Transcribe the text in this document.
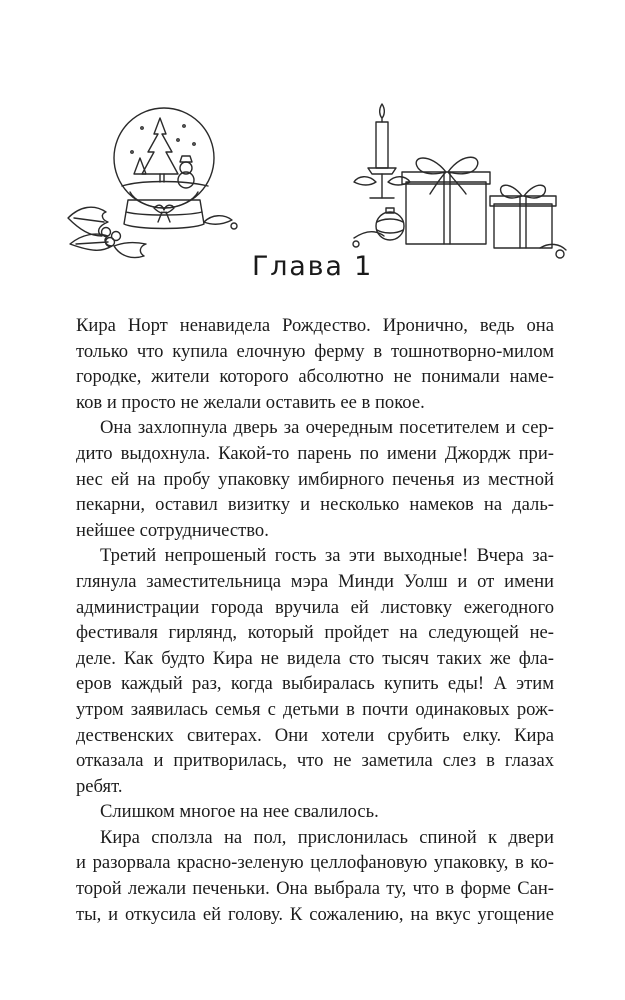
Глава 1
Кира Норт ненавидела Рождество. Иронично, ведь она
только что купила елочную ферму в тошнотворно-милом
городке, жители которого абсолютно не понимали наме-
ков и просто не желали оставить ее в покое.
Она захлопнула дверь за очередным посетителем и сер-
дито выдохнула. Какой-то парень по имени Джордж при-
нес ей на пробу упаковку имбирного печенья из местной
пекарни, оставил визитку и несколько намеков на даль-
нейшее сотрудничество.
Третий непрошеный гость за эти выходные! Вчера за-
глянула заместительница мэра Минди Уолш и от имени
администрации города вручила ей листовку ежегодного
фестиваля гирлянд, который пройдет на следующей не-
деле. Как будто Кира не видела сто тысяч таких же фла-
еров каждый раз, когда выбиралась купить еды! А этим
утром заявилась семья с детьми в почти одинаковых рож-
дественских свитерах. Они хотели срубить елку. Кира
отказала и притворилась, что не заметила слез в глазах
ребят.
Слишком многое на нее свалилось.
Кира сползла на пол, прислонилась спиной к двери
и разорвала красно-зеленую целлофановую упаковку, в ко-
торой лежали печеньки. Она выбрала ту, что в форме Сан-
ты, и откусила ей голову. К сожалению, на вкус угощение
